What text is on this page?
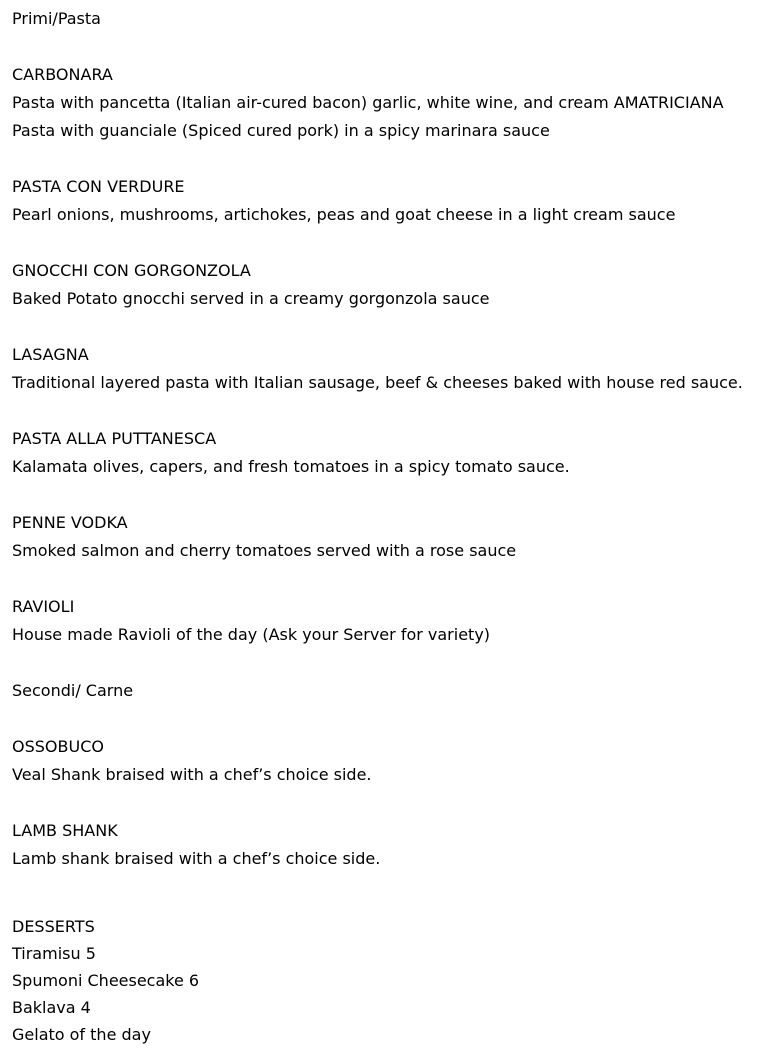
Primi/Pasta

CARBONARA

Pasta with pancetta (Italian air-cured bacon) garlic, white wine, and cream AMATRICIANA

Pasta with guanciale (Spiced cured pork) in a spicy marinara sauce

PASTA CON VERDURE

Pearl onions, mushrooms, artichokes, peas and goat cheese in a light cream sauce

GNOCCHI CON GORGONZOLA

Baked Potato gnocchi served in a creamy gorgonzola sauce

LASAGNA

Traditional layered pasta with Italian sausage, beef & cheeses baked with house red sauce.

PASTA ALLA PUTTANESCA

Kalamata olives, capers, and fresh tomatoes in a spicy tomato sauce.

PENNE VODKA

Smoked salmon and cherry tomatoes served with a rose sauce

RAVIOLI

House made Ravioli of the day (Ask your Server for variety)

Secondi/ Carne

OSSOBUCO

Veal Shank braised with a chef’s choice side.

LAMB SHANK

Lamb shank braised with a chef’s choice side.

DESSERTS

Tiramisu 5

Spumoni Cheesecake 6

Baklava 4

Gelato of the day
